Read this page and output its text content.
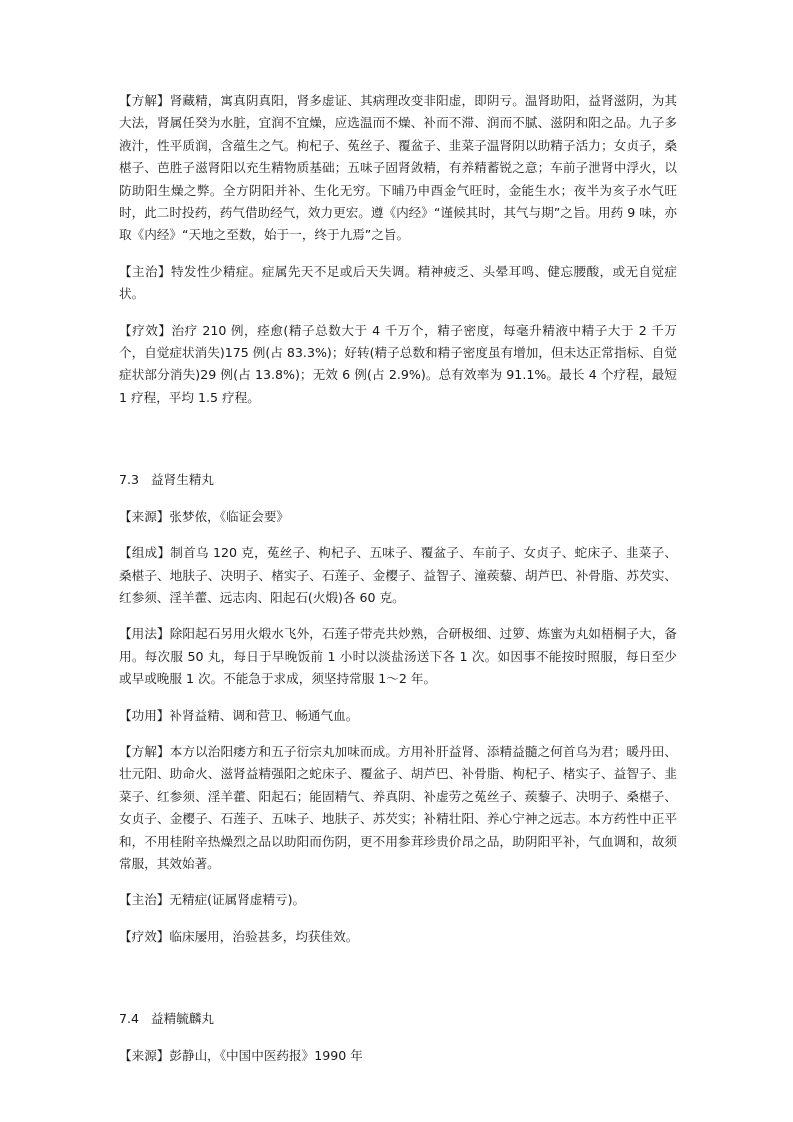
【方解】肾藏精，寓真阴真阳，肾多虚证、其病理改变非阳虚，即阴亏。温肾助阳，益肾滋阴，为其大法，肾属任癸为水脏，宜润不宜燥，应选温而不燥、补而不滞、润而不腻、滋阴和阳之品。九子多液汁，性平质润，含蕴生之气。枸杞子、菟丝子、覆盆子、韭菜子温肾阴以助精子活力；女贞子，桑椹子、芭胜子滋肾阳以充生精物质基础；五味子固肾敛精，有养精蓄锐之意；车前子泄肾中浮火，以防助阳生燥之弊。全方阴阳并补、生化无穷。下晡乃申酉金气旺时，金能生水；夜半为亥子水气旺时，此二时投药，药气借助经气，效力更宏。遵《内经》“谨候其时，其气与期”之旨。用药 9 味，亦取《内经》“天地之至数，始于一，终于九焉”之旨。

【主治】特发性少精症。症属先天不足或后天失调。精神疲乏、头晕耳鸣、健忘腰酸，或无自觉症状。

【疗效】治疗 210 例，痊愈(精子总数大于 4 千万个，精子密度，每毫升精液中精子大于 2 千万个，自觉症状消失)175 例(占 83.3%)；好转(精子总数和精子密度虽有增加，但未达正常指标、自觉症状部分消失)29 例(占 13.8%)；无效 6 例(占 2.9%)。总有效率为 91.1%。最长 4 个疗程，最短 1 疗程，平均 1.5 疗程。

7.3 益肾生精丸

【来源】张梦侬，《临证会要》

【组成】制首乌 120 克，菟丝子、枸杞子、五味子、覆盆子、车前子、女贞子、蛇床子、韭菜子、桑椹子、地肤子、决明子、楮实子、石莲子、金樱子、益智子、潼蒺藜、胡芦巴、补骨脂、苏芡实、红参须、淫羊藿、远志肉、阳起石(火煅)各 60 克。

【用法】除阳起石另用火煅水飞外，石莲子带壳共炒熟，合研极细、过箩、炼蜜为丸如梧桐子大，备用。每次服 50 丸，每日于早晚饭前 1 小时以淡盐汤送下各 1 次。如因事不能按时照服，每日至少或早或晚服 1 次。不能急于求成，须坚持常服 1～2 年。

【功用】补肾益精、调和营卫、畅通气血。

【方解】本方以治阳痿方和五子衍宗丸加味而成。方用补肝益肾、添精益髓之何首乌为君；暖丹田、壮元阳、助命火、滋肾益精强阳之蛇床子、覆盆子、胡芦巴、补骨脂、枸杞子、楮实子、益智子、韭菜子、红参须、淫羊藿、阳起石；能固精气、养真阴、补虚劳之菟丝子、蒺藜子、决明子、桑椹子、女贞子、金樱子、石莲子、五味子、地肤子、苏芡实；补精壮阳、养心宁神之远志。本方药性中正平和，不用桂附辛热燥烈之品以助阳而伤阴，更不用参茸珍贵价昂之品，助阴阳平补，气血调和，故须常服，其效始著。

【主治】无精症(证属肾虚精亏)。

【疗效】临床屡用，治验甚多，均获佳效。

7.4 益精毓麟丸

【来源】彭静山，《中国中医药报》1990 年
